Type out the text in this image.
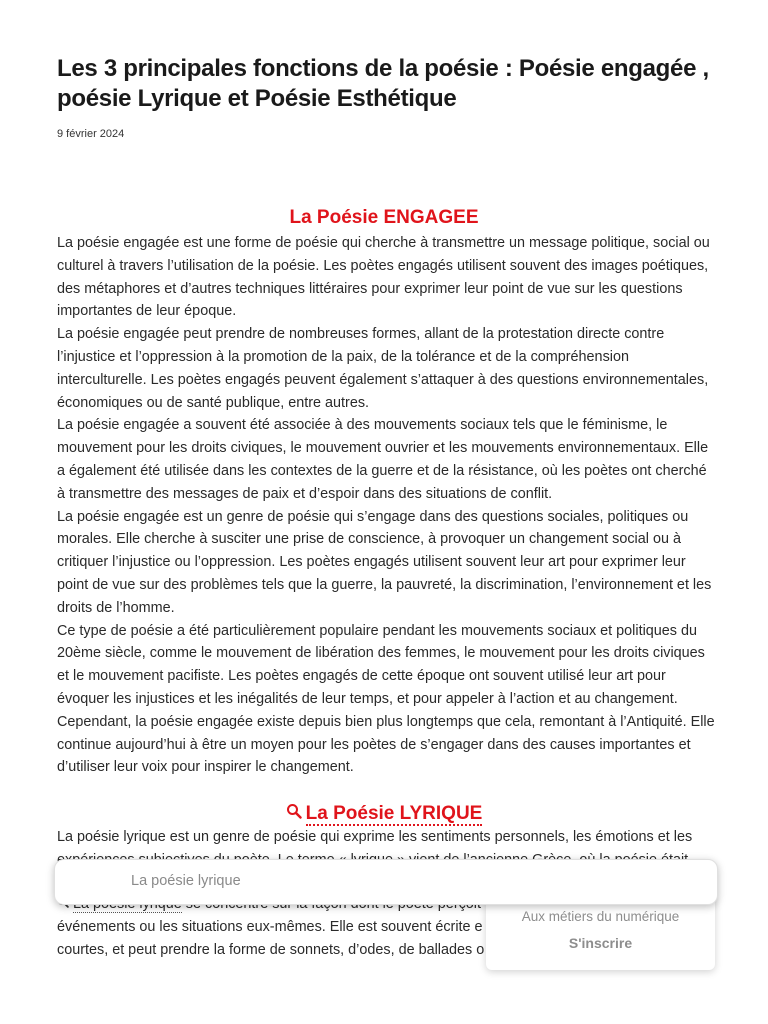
Les 3 principales fonctions de la poésie : Poésie engagée , poésie Lyrique et Poésie Esthétique
9 février 2024
La Poésie ENGAGEE

La poésie engagée est une forme de poésie qui cherche à transmettre un message politique, social ou culturel à travers l’utilisation de la poésie. Les poètes engagés utilisent souvent des images poétiques, des métaphores et d’autres techniques littéraires pour exprimer leur point de vue sur les questions importantes de leur époque.

La poésie engagée peut prendre de nombreuses formes, allant de la protestation directe contre l’injustice et l’oppression à la promotion de la paix, de la tolérance et de la compréhension interculturelle. Les poètes engagés peuvent également s’attaquer à des questions environnementales, économiques ou de santé publique, entre autres.

La poésie engagée a souvent été associée à des mouvements sociaux tels que le féminisme, le mouvement pour les droits civiques, le mouvement ouvrier et les mouvements environnementaux. Elle a également été utilisée dans les contextes de la guerre et de la résistance, où les poètes ont cherché à transmettre des messages de paix et d’espoir dans des situations de conflit.

La poésie engagée est un genre de poésie qui s’engage dans des questions sociales, politiques ou morales. Elle cherche à susciter une prise de conscience, à provoquer un changement social ou à critiquer l’injustice ou l’oppression. Les poètes engagés utilisent souvent leur art pour exprimer leur point de vue sur des problèmes tels que la guerre, la pauvreté, la discrimination, l’environnement et les droits de l’homme.

Ce type de poésie a été particulièrement populaire pendant les mouvements sociaux et politiques du 20ème siècle, comme le mouvement de libération des femmes, le mouvement pour les droits civiques et le mouvement pacifiste. Les poètes engagés de cette époque ont souvent utilisé leur art pour évoquer les injustices et les inégalités de leur temps, et pour appeler à l’action et au changement.

Cependant, la poésie engagée existe depuis bien plus longtemps que cela, remontant à l’Antiquité. Elle continue aujourd’hui à être un moyen pour les poètes de s’engager dans des causes importantes et d’utiliser leur voix pour inspirer le changement.

La Poésie LYRIQUE

La poésie lyrique est un genre de poésie qui exprime les sentiments personnels, les émotions et les

événements ou les situations eux-mêmes. Elle est souvent écrite e
courtes, et peut prendre la forme de sonnets, d’odes, de ballades o
Aux métiers du numérique
S'inscrire
La poésie lyrique
